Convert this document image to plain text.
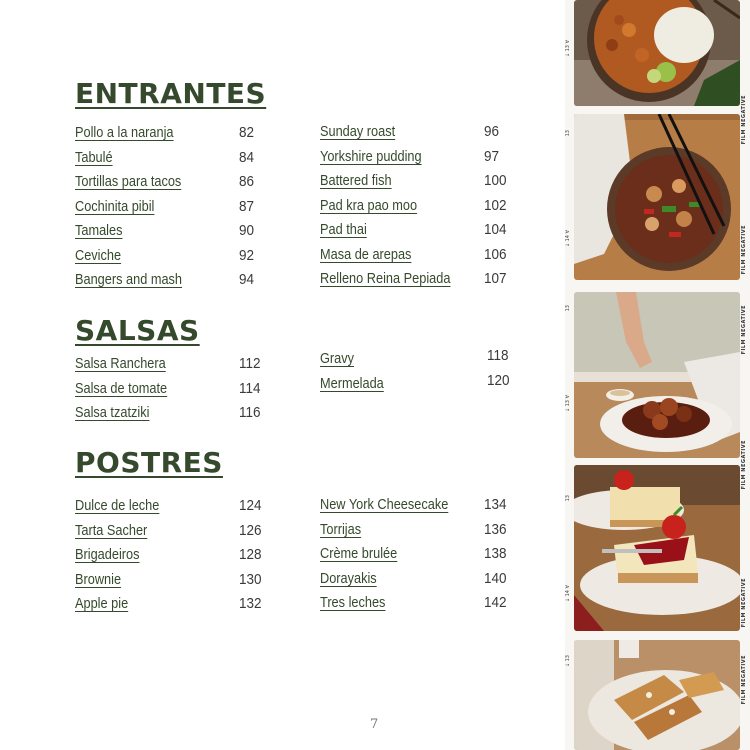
ENTRANTES
Pollo a la naranja	82
Tabulé	84
Tortillas para tacos	86
Cochinita pibil	87
Tamales	90
Ceviche	92
Bangers and mash	94
Sunday roast	96
Yorkshire pudding	97
Battered fish	100
Pad kra pao moo	102
Pad thai	104
Masa de arepas	106
Relleno Reina Pepiada 107
SALSAS
Salsa Ranchera	112
Salsa de tomate	114
Salsa tzatziki	116
Gravy	118
Mermelada	120
POSTRES
Dulce de leche	124
Tarta Sacher	126
Brigadeiros	128
Brownie	130
Apple pie	132
New York Cheesecake 134
Torrijas	136
Crème brulée	138
Dorayakis	140
Tres leches	142
7
↓ 13 ∀
13
↓ 14 ∀
13
↓ 13 ∀
13
↓ 14 ∀
↓ 13
FILM NEGATIVE
FILM NEGATIVE
FILM NEGATIVE
FILM NEGATIVE
FILM NEGATIVE
FILM NEGATIVE
